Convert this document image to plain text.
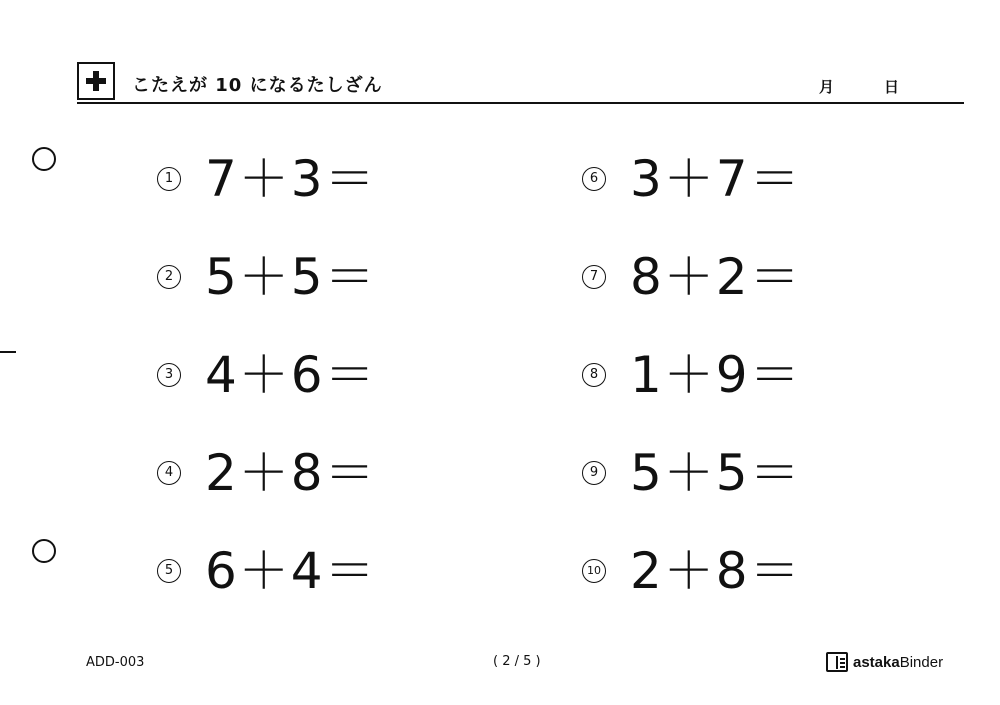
こたえが 10 になるたしざん	月	日
1 7＋3＝
2 5＋5＝
3 4＋6＝
4 2＋8＝
5 6＋4＝
6 3＋7＝
7 8＋2＝
8 1＋9＝
9 5＋5＝
10 2＋8＝
ADD-003	( 2 / 5 )	astaka Binder
